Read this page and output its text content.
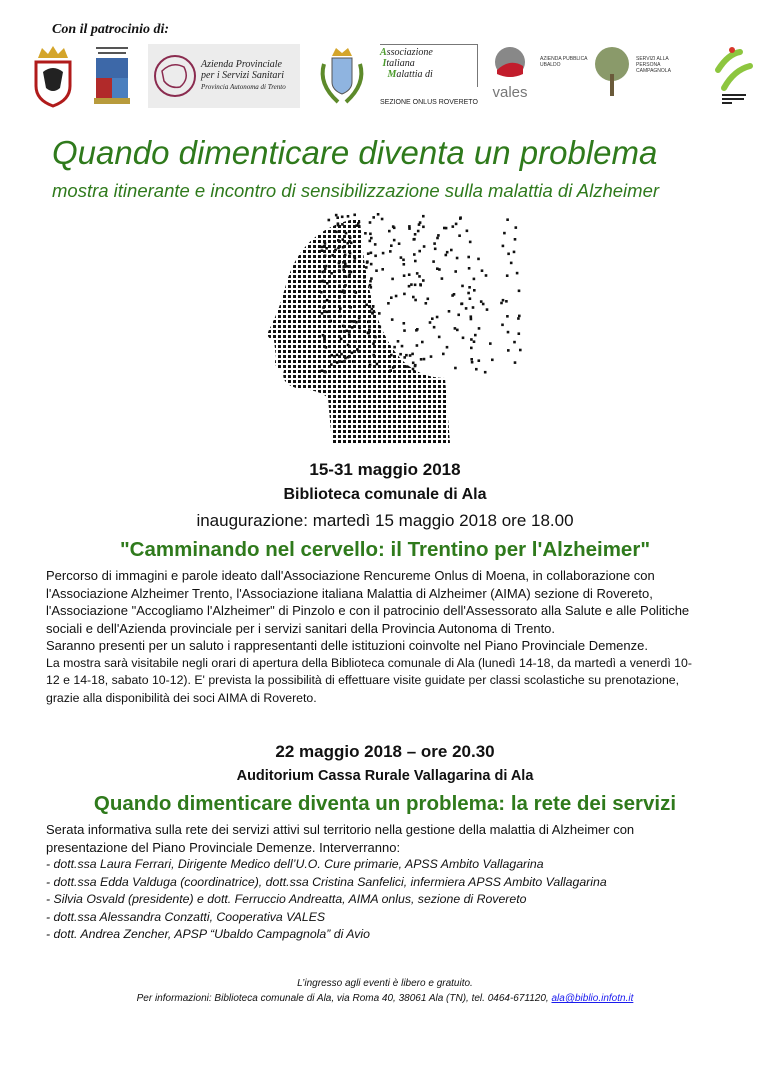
Con il patrocinio di:
Azienda Provinciale
per i Servizi Sanitari
Provincia Autonoma di Trento
Associazione
Italiana
Malattia di
SEZIONE ONLUS ROVERETO
vales
AZIENDA PUBBLICA
UBALDO
SERVIZI ALLA PERSONA
CAMPAGNOLA
Quando dimenticare diventa un problema
mostra itinerante e incontro di sensibilizzazione sulla malattia di Alzheimer
15-31 maggio 2018
Biblioteca comunale di Ala
inaugurazione: martedì 15 maggio 2018 ore 18.00
"Camminando nel cervello: il Trentino per l'Alzheimer"
Percorso di immagini e parole ideato dall'Associazione Rencureme Onlus di Moena, in collaborazione con
l'Associazione Alzheimer Trento, l'Associazione italiana Malattia di Alzheimer (AIMA) sezione di Rovereto,
l'Associazione "Accogliamo l'Alzheimer" di Pinzolo e con il patrocinio dell'Assessorato alla Salute e alle Politiche
sociali e dell'Azienda provinciale per i servizi sanitari della Provincia Autonoma di Trento.
Saranno presenti per un saluto i rappresentanti delle istituzioni coinvolte nel Piano Provinciale Demenze.
La mostra sarà visitabile negli orari di apertura della Biblioteca comunale di Ala (lunedì 14-18, da martedì a venerdì 10-
12 e 14-18, sabato 10-12). E' prevista la possibilità di effettuare visite guidate per classi scolastiche su prenotazione,
grazie alla disponibilità dei soci AIMA di Rovereto.
22 maggio 2018 – ore 20.30
Auditorium Cassa Rurale Vallagarina di Ala
Quando dimenticare diventa un problema: la rete dei servizi
Serata informativa sulla rete dei servizi attivi sul territorio nella gestione della malattia di Alzheimer con
presentazione del Piano Provinciale Demenze. Interverranno:
- dott.ssa Laura Ferrari, Dirigente Medico dell’U.O. Cure primarie, APSS Ambito Vallagarina
- dott.ssa Edda Valduga (coordinatrice), dott.ssa Cristina Sanfelici, infermiera APSS Ambito Vallagarina
- Silvia Osvald (presidente) e dott. Ferruccio Andreatta, AIMA onlus, sezione di Rovereto
- dott.ssa Alessandra Conzatti, Cooperativa VALES
- dott. Andrea Zencher, APSP “Ubaldo Campagnola” di Avio
L’ingresso agli eventi è libero e gratuito.
Per informazioni: Biblioteca comunale di Ala, via Roma 40, 38061 Ala (TN), tel. 0464-671120, ala@biblio.infotn.it
